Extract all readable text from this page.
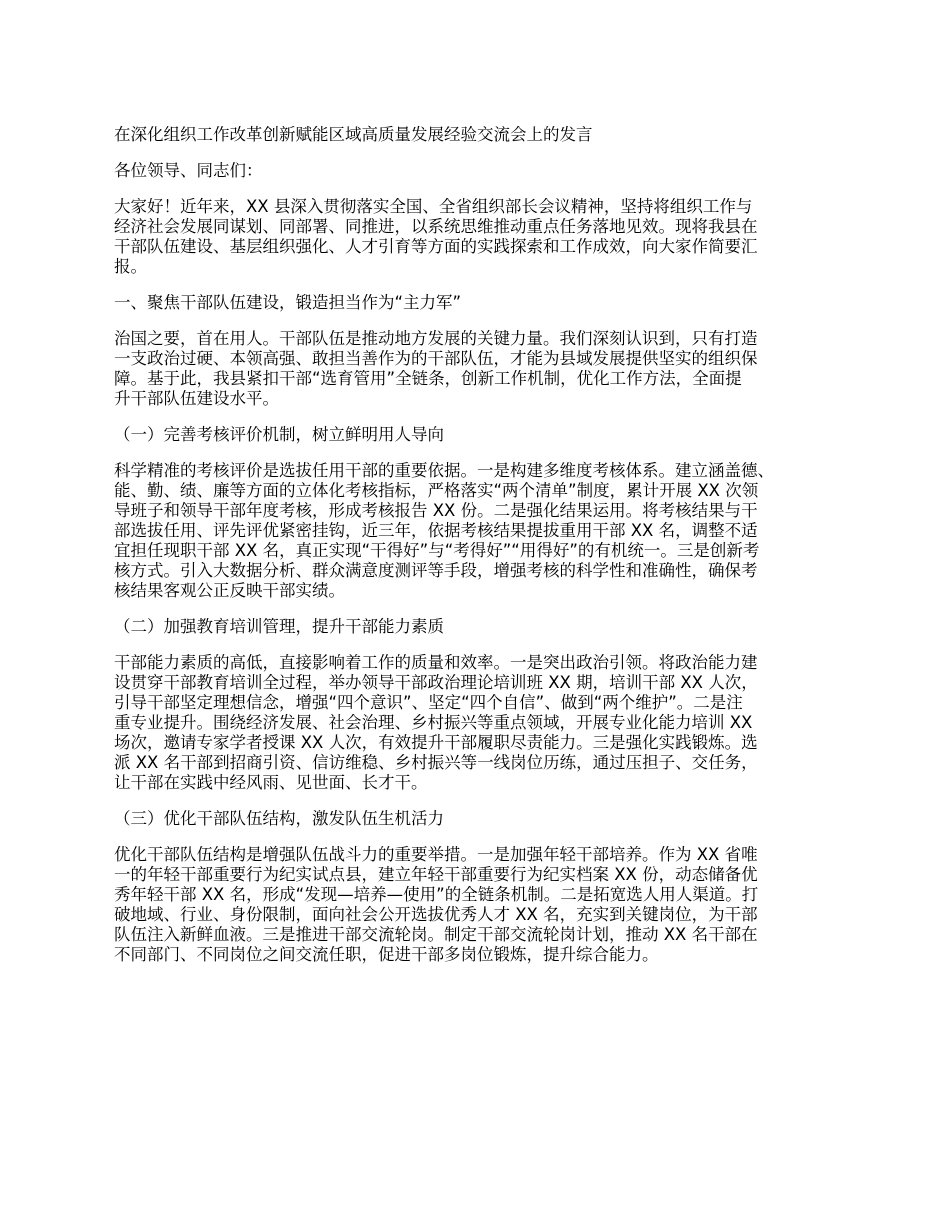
在深化组织工作改革创新赋能区域高质量发展经验交流会上的发言
各位领导、同志们：
大家好！近年来，XX 县深入贯彻落实全国、全省组织部长会议精神，坚持将组织工作与
经济社会发展同谋划、同部署、同推进，以系统思维推动重点任务落地见效。现将我县在
干部队伍建设、基层组织强化、人才引育等方面的实践探索和工作成效，向大家作简要汇
报。
一、聚焦干部队伍建设，锻造担当作为“主力军”
治国之要，首在用人。干部队伍是推动地方发展的关键力量。我们深刻认识到，只有打造
一支政治过硬、本领高强、敢担当善作为的干部队伍，才能为县域发展提供坚实的组织保
障。基于此，我县紧扣干部“选育管用”全链条，创新工作机制，优化工作方法，全面提
升干部队伍建设水平。
（一）完善考核评价机制，树立鲜明用人导向
科学精准的考核评价是选拔任用干部的重要依据。一是构建多维度考核体系。建立涵盖德、
能、勤、绩、廉等方面的立体化考核指标，严格落实“两个清单”制度，累计开展 XX 次领
导班子和领导干部年度考核，形成考核报告 XX 份。二是强化结果运用。将考核结果与干
部选拔任用、评先评优紧密挂钩，近三年，依据考核结果提拔重用干部 XX 名，调整不适
宜担任现职干部 XX 名，真正实现“干得好”与“考得好”“用得好”的有机统一。三是创新考
核方式。引入大数据分析、群众满意度测评等手段，增强考核的科学性和准确性，确保考
核结果客观公正反映干部实绩。
（二）加强教育培训管理，提升干部能力素质
干部能力素质的高低，直接影响着工作的质量和效率。一是突出政治引领。将政治能力建
设贯穿干部教育培训全过程，举办领导干部政治理论培训班 XX 期，培训干部 XX 人次，
引导干部坚定理想信念，增强“四个意识”、坚定“四个自信”、做到“两个维护”。二是注
重专业提升。围绕经济发展、社会治理、乡村振兴等重点领域，开展专业化能力培训 XX
场次，邀请专家学者授课 XX 人次，有效提升干部履职尽责能力。三是强化实践锻炼。选
派 XX 名干部到招商引资、信访维稳、乡村振兴等一线岗位历练，通过压担子、交任务，
让干部在实践中经风雨、见世面、长才干。
（三）优化干部队伍结构，激发队伍生机活力
优化干部队伍结构是增强队伍战斗力的重要举措。一是加强年轻干部培养。作为 XX 省唯
一的年轻干部重要行为纪实试点县，建立年轻干部重要行为纪实档案 XX 份，动态储备优
秀年轻干部 XX 名，形成“发现—培养—使用”的全链条机制。二是拓宽选人用人渠道。打
破地域、行业、身份限制，面向社会公开选拔优秀人才 XX 名，充实到关键岗位，为干部
队伍注入新鲜血液。三是推进干部交流轮岗。制定干部交流轮岗计划，推动 XX 名干部在
不同部门、不同岗位之间交流任职，促进干部多岗位锻炼，提升综合能力。
